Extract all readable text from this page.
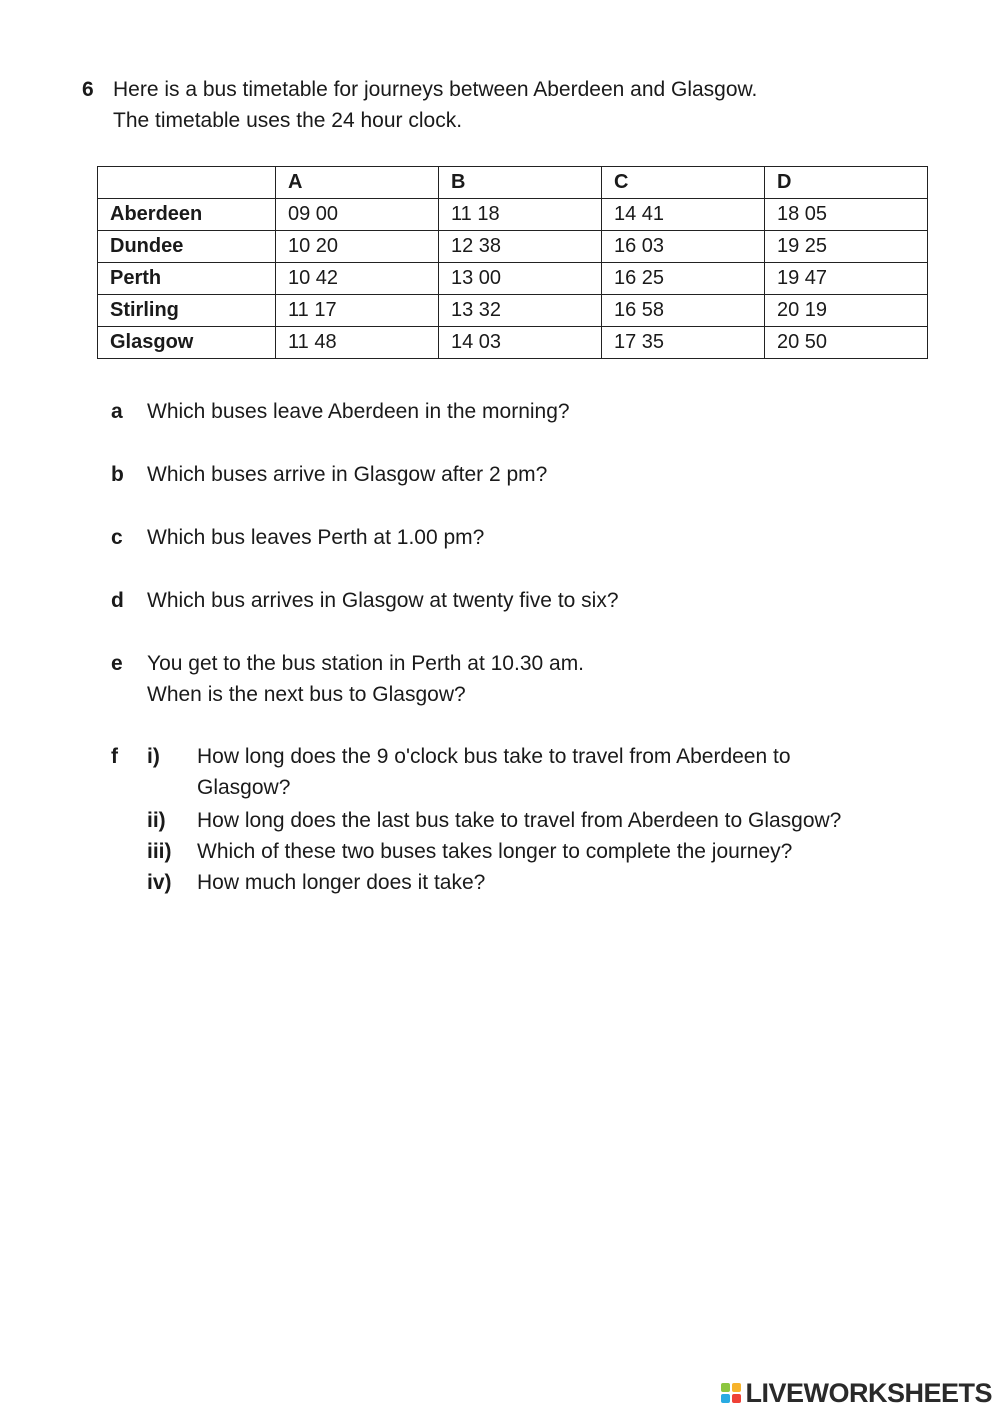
6 Here is a bus timetable for journeys between Aberdeen and Glasgow.
The timetable uses the 24 hour clock.
	A	B	C	D
Aberdeen	09 00	11 18	14 41	18 05
Dundee	10 20	12 38	16 03	19 25
Perth	10 42	13 00	16 25	19 47
Stirling	11 17	13 32	16 58	20 19
Glasgow	11 48	14 03	17 35	20 50
a Which buses leave Aberdeen in the morning?
b Which buses arrive in Glasgow after 2 pm?
c Which bus leaves Perth at 1.00 pm?
d Which bus arrives in Glasgow at twenty five to six?
e You get to the bus station in Perth at 10.30 am.
When is the next bus to Glasgow?
f i) How long does the 9 o'clock bus take to travel from Aberdeen to
Glasgow?
ii) How long does the last bus take to travel from Aberdeen to Glasgow?
iii) Which of these two buses takes longer to complete the journey?
iv) How much longer does it take?
LIVEWORKSHEETS
